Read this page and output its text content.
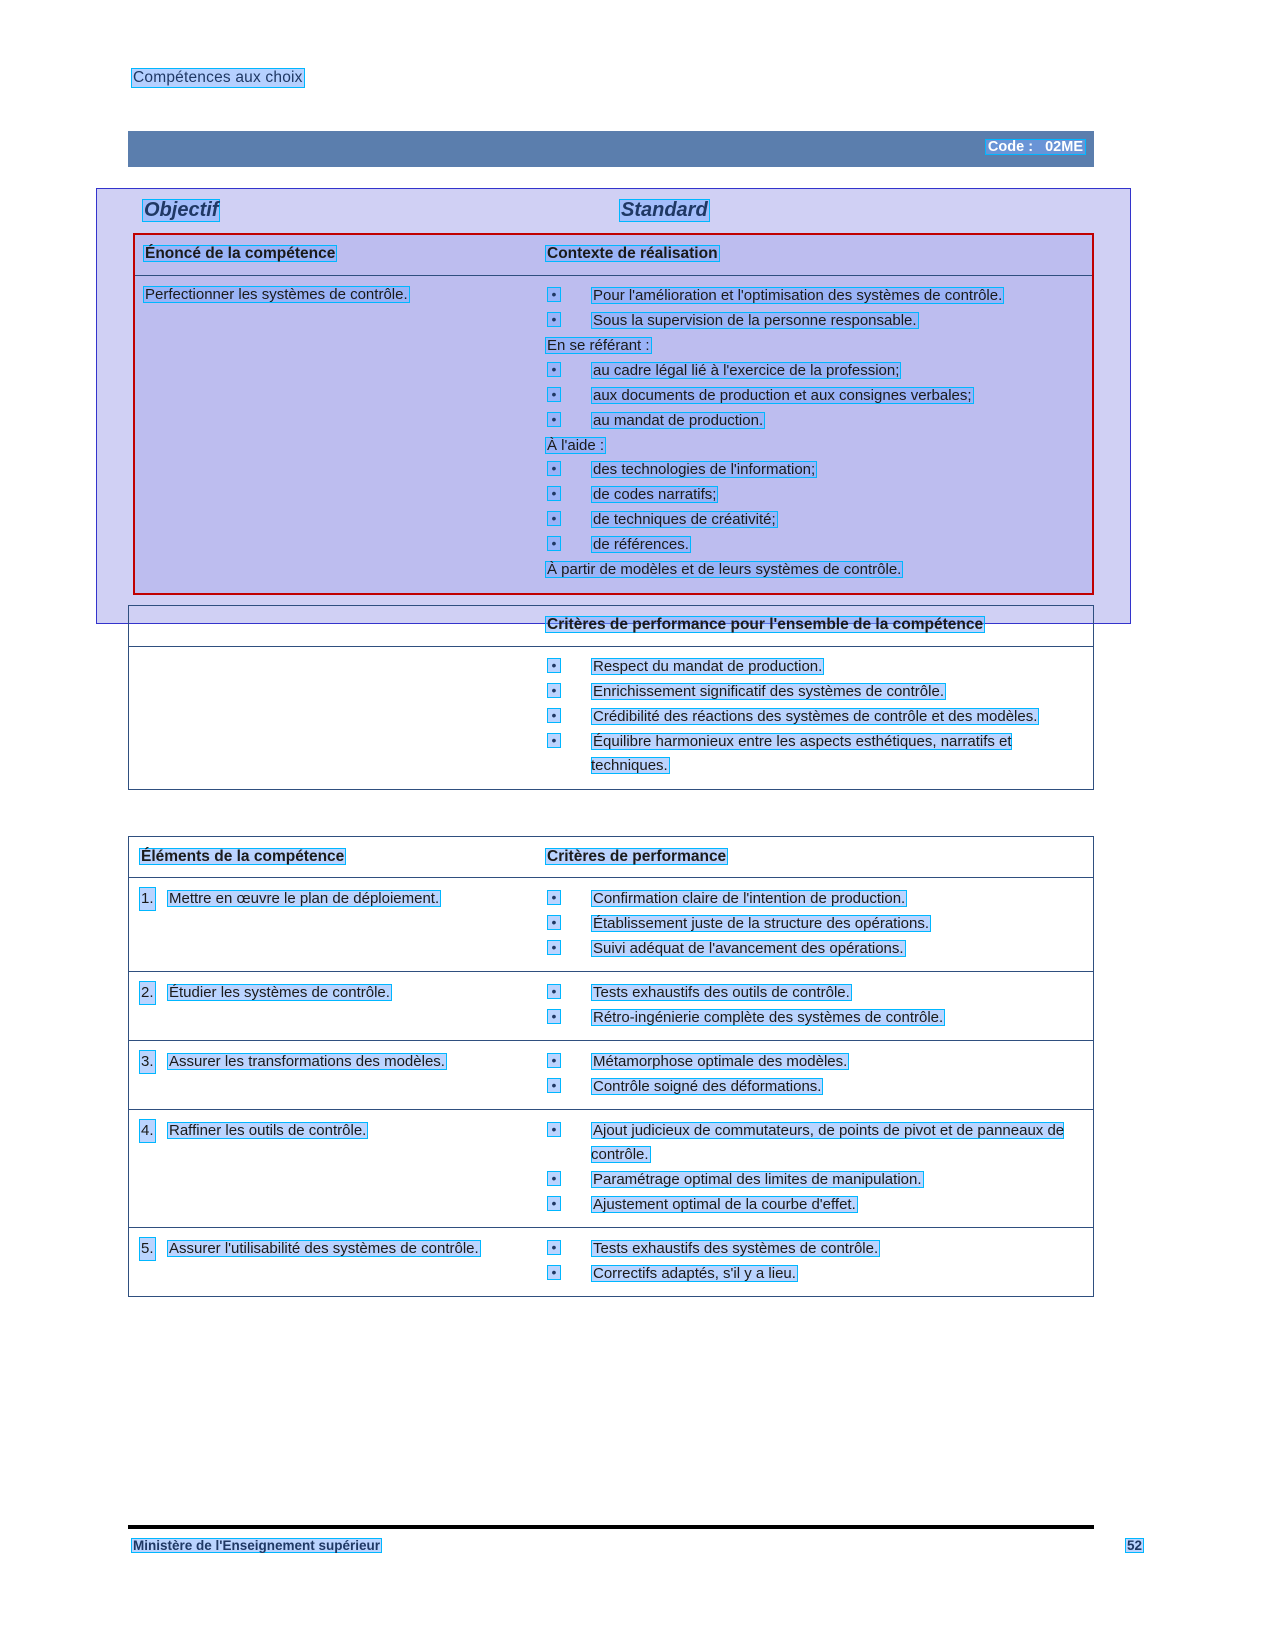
Compétences aux choix
Code :   02ME
Objectif	Standard
Énoncé de la compétence	Contexte de réalisation
Perfectionner les systèmes de contrôle.	•	Pour l'amélioration et l'optimisation des systèmes de contrôle.
•	Sous la supervision de la personne responsable.
En se référant :
•	au cadre légal lié à l'exercice de la profession;
•	aux documents de production et aux consignes verbales;
•	au mandat de production.
À l'aide :
•	des technologies de l'information;
•	de codes narratifs;
•	de techniques de créativité;
•	de références.
À partir de modèles et de leurs systèmes de contrôle.
Critères de performance pour l'ensemble de la compétence
•	Respect du mandat de production.
•	Enrichissement significatif des systèmes de contrôle.
•	Crédibilité des réactions des systèmes de contrôle et des modèles.
•	Équilibre harmonieux entre les aspects esthétiques, narratifs et techniques.
Éléments de la compétence	Critères de performance
1. Mettre en œuvre le plan de déploiement.	•	Confirmation claire de l'intention de production.
•	Établissement juste de la structure des opérations.
•	Suivi adéquat de l'avancement des opérations.
2. Étudier les systèmes de contrôle.	•	Tests exhaustifs des outils de contrôle.
•	Rétro-ingénierie complète des systèmes de contrôle.
3. Assurer les transformations des modèles.	•	Métamorphose optimale des modèles.
•	Contrôle soigné des déformations.
4. Raffiner les outils de contrôle.	•	Ajout judicieux de commutateurs, de points de pivot et de panneaux de contrôle.
•	Paramétrage optimal des limites de manipulation.
•	Ajustement optimal de la courbe d'effet.
5. Assurer l'utilisabilité des systèmes de contrôle.	•	Tests exhaustifs des systèmes de contrôle.
•	Correctifs adaptés, s'il y a lieu.
Ministère de l'Enseignement supérieur	52
